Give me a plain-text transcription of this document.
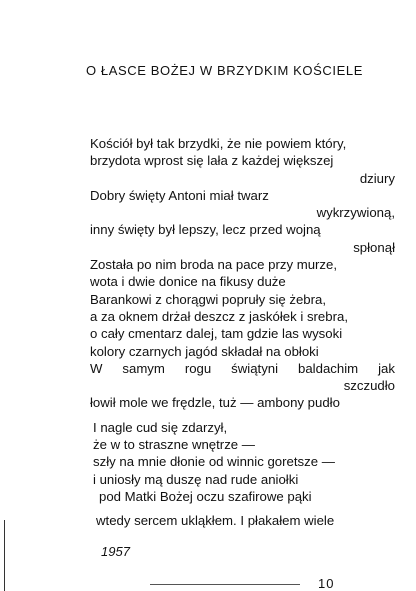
O ŁASCE BOŻEJ W BRZYDKIM KOŚCIELE
Kościół był tak brzydki, że nie powiem który,
brzydota wprost się lała z każdej większej
dziury
Dobry święty Antoni miał twarz
wykrzywioną,
inny święty był lepszy, lecz przed wojną
spłonął
Została po nim broda na pace przy murze,
wota i dwie donice na fikusy duże
Barankowi z chorągwi popruły się żebra,
a za oknem drżał deszcz z jaskółek i srebra,
o cały cmentarz dalej, tam gdzie las wysoki
kolory czarnych jagód składał na obłoki
W samym rogu świątyni baldachim jak
szczudło
łowił mole we frędzle, tuż — ambony pudło
I nagle cud się zdarzył,
że w to straszne wnętrze —
szły na mnie dłonie od winnic goretsze —
i uniosły mą duszę nad rude aniołki
pod Matki Bożej oczu szafirowe pąki
wtedy sercem ukląkłem. I płakałem wiele
1957
10
